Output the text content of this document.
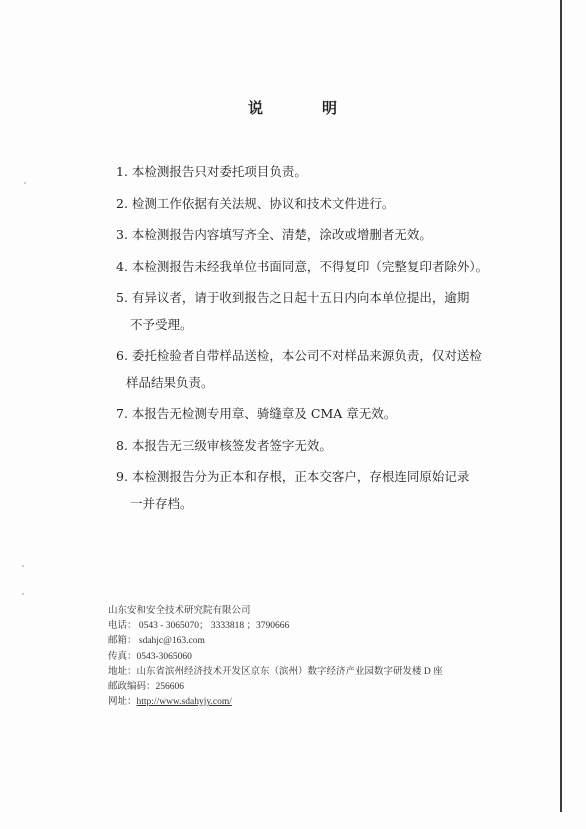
说	明
1. 本检测报告只对委托项目负责。
2. 检测工作依据有关法规、协议和技术文件进行。
3. 本检测报告内容填写齐全、清楚，涂改或增删者无效。
4. 本检测报告未经我单位书面同意，不得复印（完整复印者除外）。
5. 有异议者，请于收到报告之日起十五日内向本单位提出，逾期
不予受理。
6. 委托检验者自带样品送检，本公司不对样品来源负责，仅对送检
样品结果负责。
7. 本报告无检测专用章、骑缝章及 CMA 章无效。
8. 本报告无三级审核签发者签字无效。
9. 本检测报告分为正本和存根，正本交客户，存根连同原始记录
一并存档。
山东安和安全技术研究院有限公司
电话： 0543 - 3065070； 3333818 ；3790666
邮箱： sdahjc@163.com
传真：0543-3065060
地址：山东省滨州经济技术开发区京东（滨州）数字经济产业园数字研发楼 D 座
邮政编码：256606
网址：http://www.sdahyjy.com/
